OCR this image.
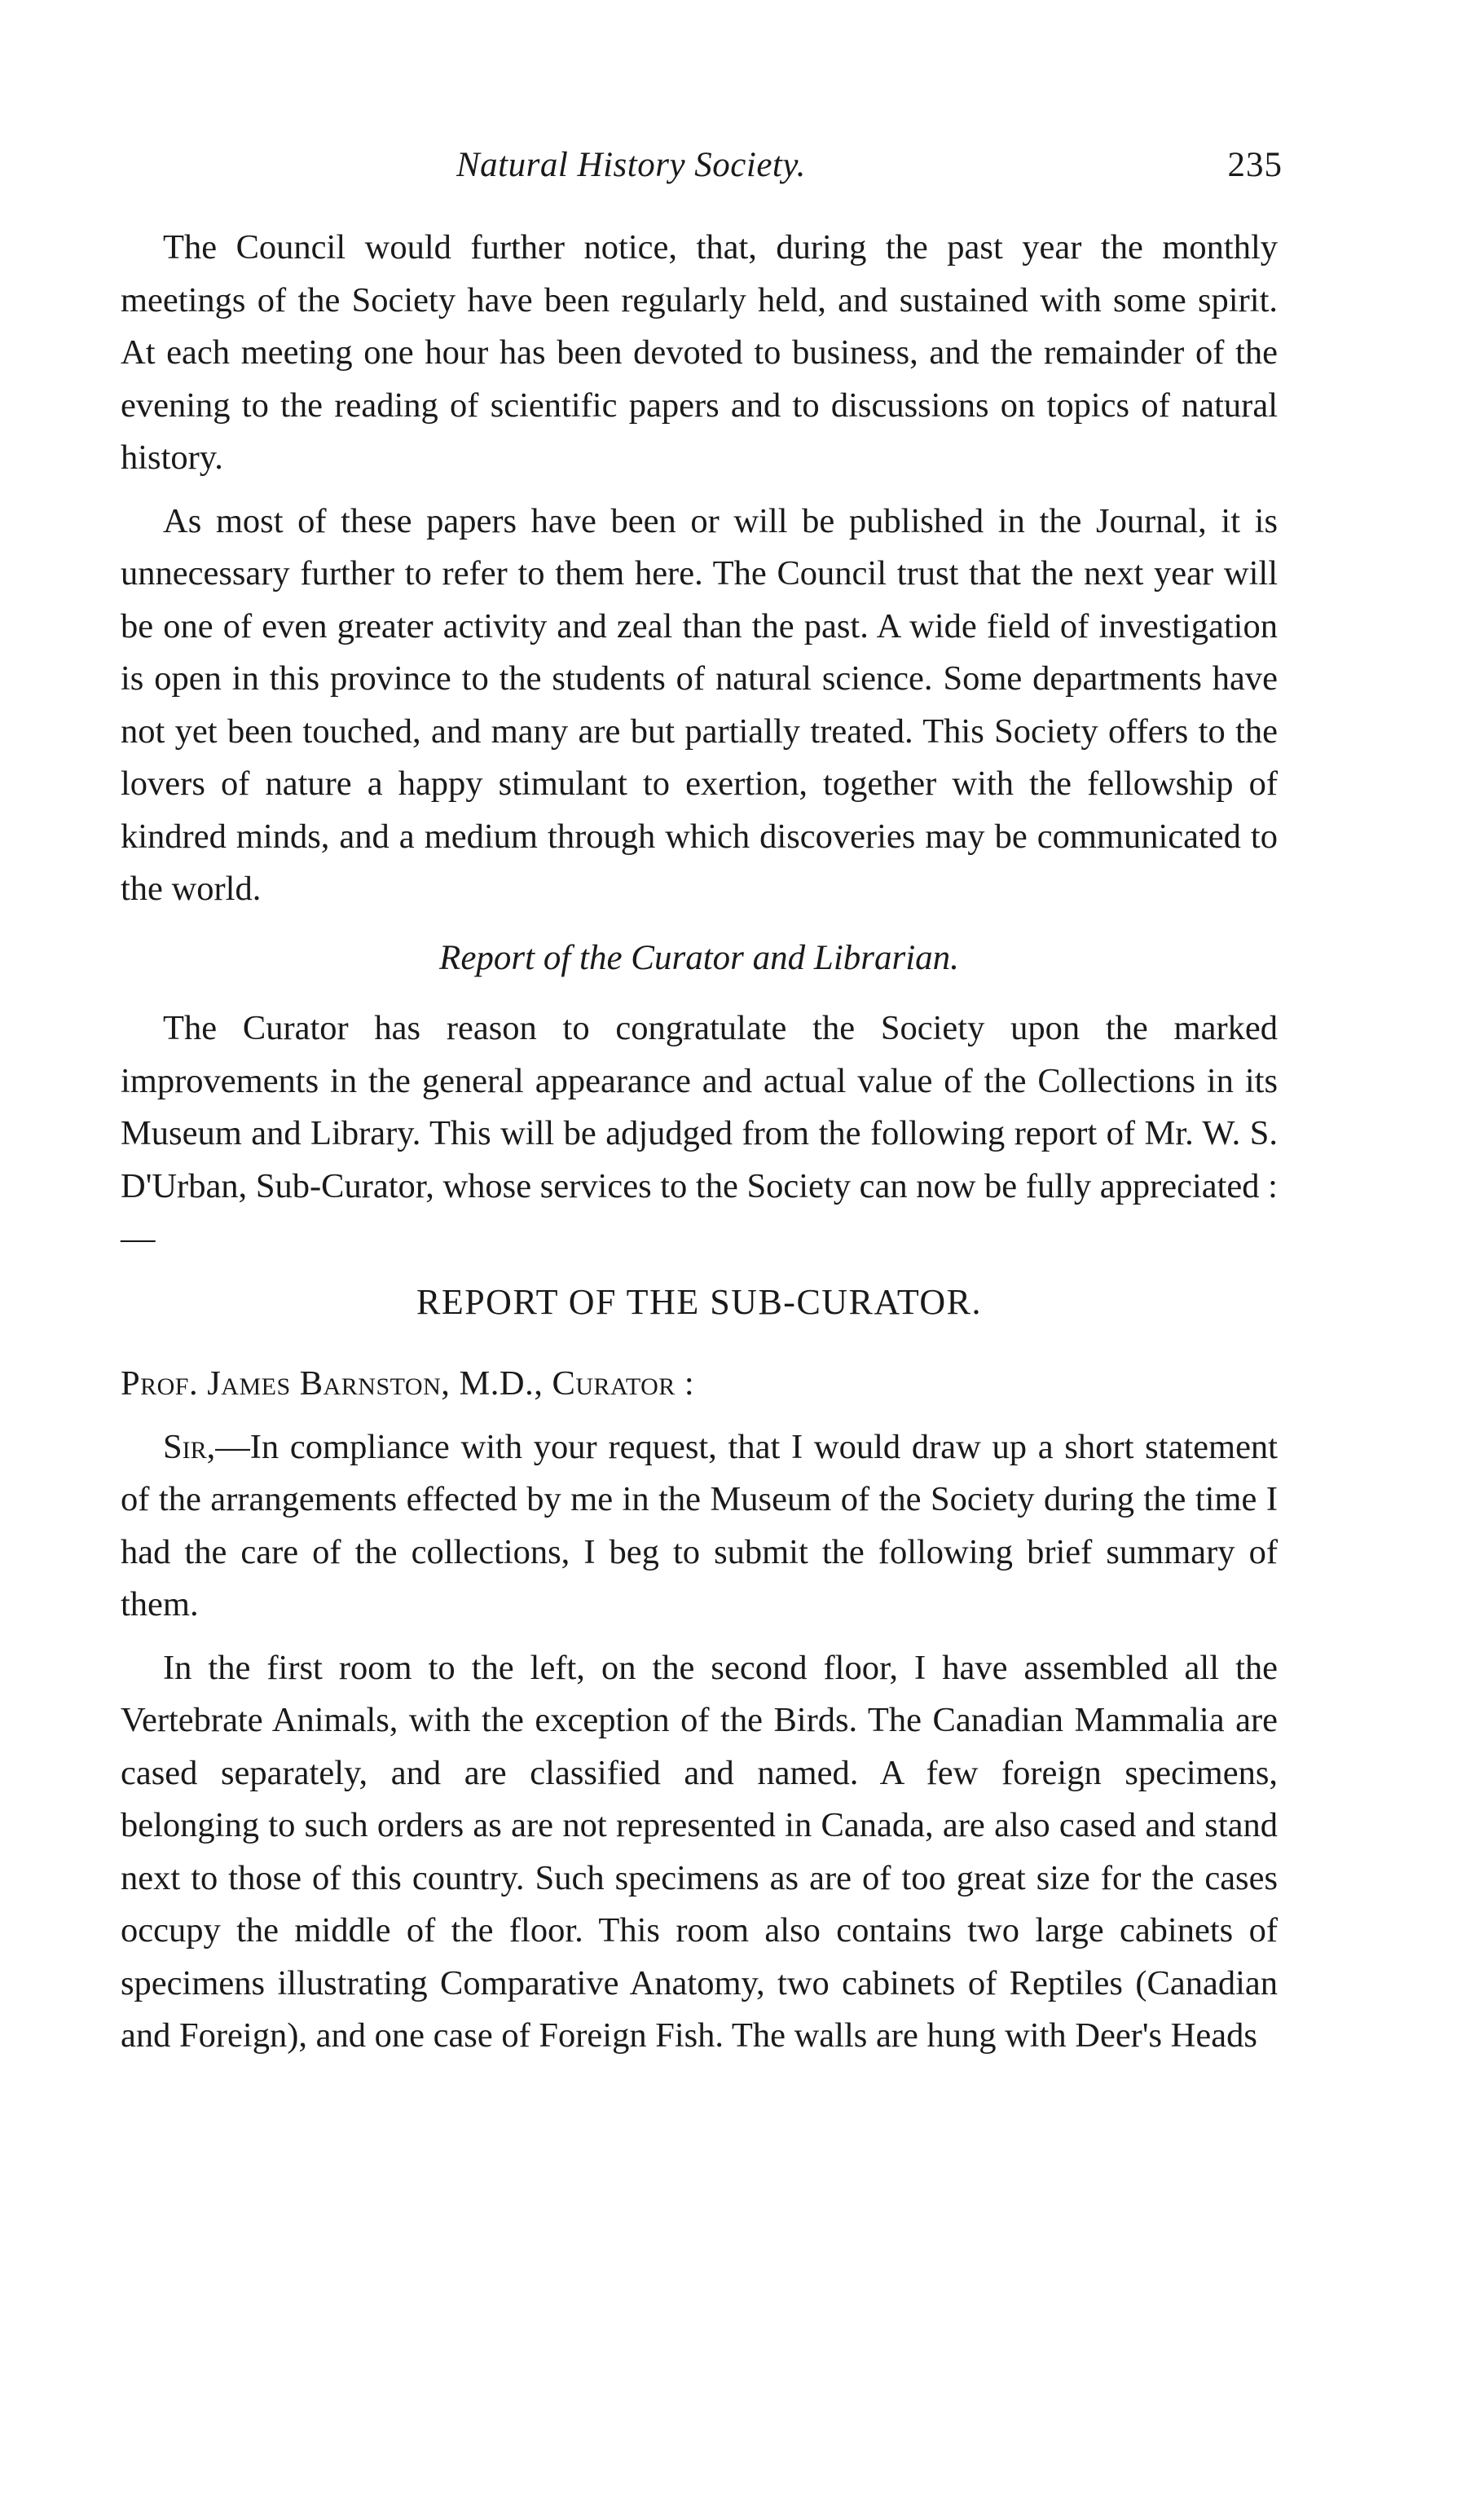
Natural History Society.	235

The Council would further notice, that, during the past year the monthly meetings of the Society have been regularly held, and sustained with some spirit. At each meeting one hour has been devoted to business, and the remainder of the evening to the reading of scientific papers and to discussions on topics of natural history.

As most of these papers have been or will be published in the Journal, it is unnecessary further to refer to them here. The Council trust that the next year will be one of even greater activity and zeal than the past. A wide field of investigation is open in this province to the students of natural science. Some departments have not yet been touched, and many are but partially treated. This Society offers to the lovers of nature a happy stimulant to exertion, together with the fellowship of kindred minds, and a medium through which discoveries may be communicated to the world.

Report of the Curator and Librarian.

The Curator has reason to congratulate the Society upon the marked improvements in the general appearance and actual value of the Collections in its Museum and Library. This will be adjudged from the following report of Mr. W. S. D'Urban, Sub-Curator, whose services to the Society can now be fully appreciated :—

REPORT OF THE SUB-CURATOR.

Prof. James Barnston, M.D., Curator :

Sir,—In compliance with your request, that I would draw up a short statement of the arrangements effected by me in the Museum of the Society during the time I had the care of the collections, I beg to submit the following brief summary of them.

In the first room to the left, on the second floor, I have assembled all the Vertebrate Animals, with the exception of the Birds. The Canadian Mammalia are cased separately, and are classified and named. A few foreign specimens, belonging to such orders as are not represented in Canada, are also cased and stand next to those of this country. Such specimens as are of too great size for the cases occupy the middle of the floor. This room also contains two large cabinets of specimens illustrating Comparative Anatomy, two cabinets of Reptiles (Canadian and Foreign), and one case of Foreign Fish. The walls are hung with Deer's Heads
